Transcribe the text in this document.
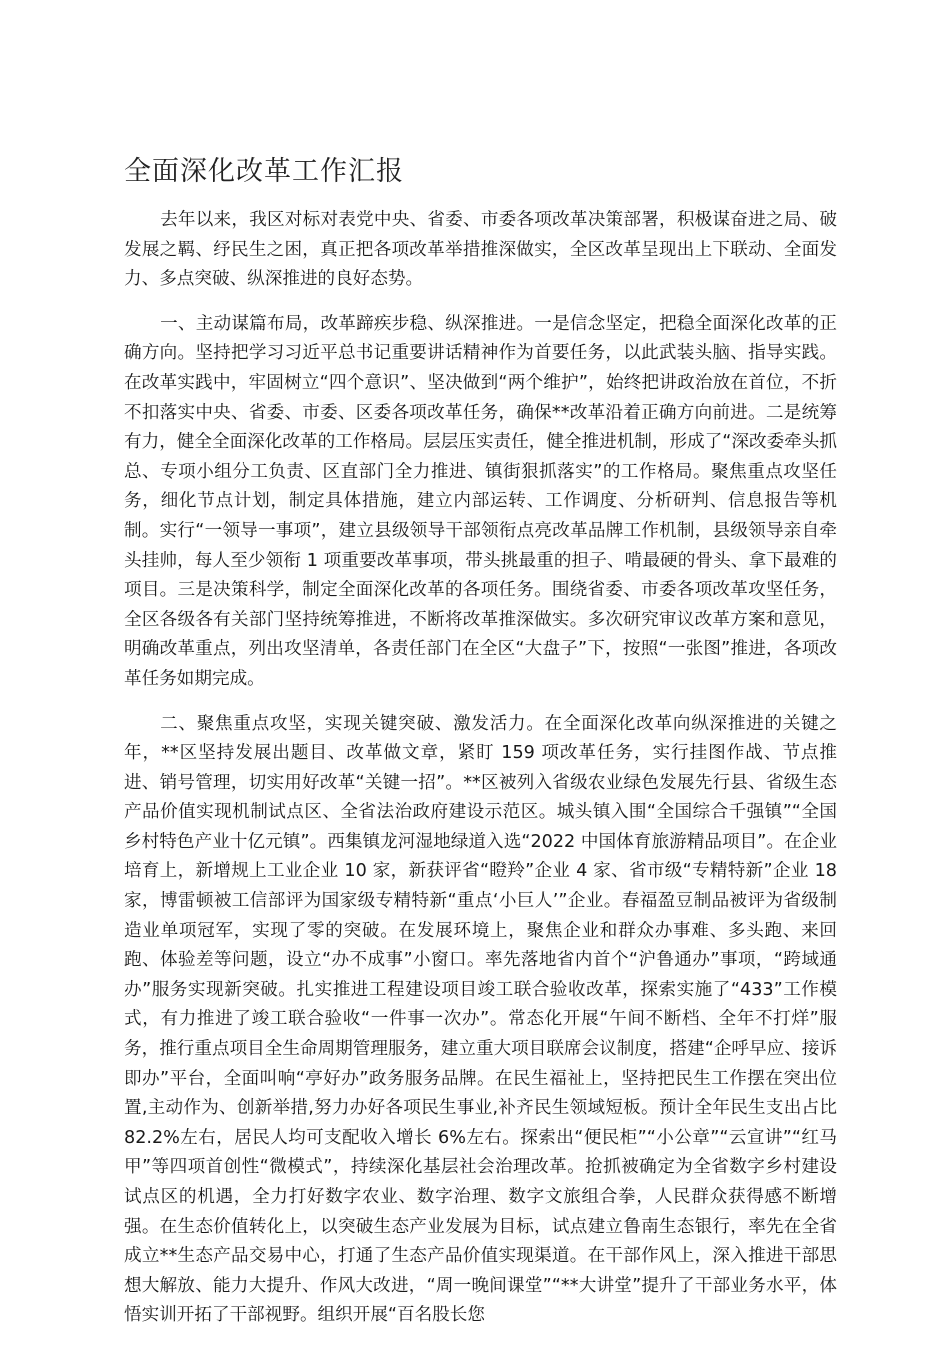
全面深化改革工作汇报

去年以来，我区对标对表党中央、省委、市委各项改革决策部署，积极谋奋进之局、破发展之羁、纾民生之困，真正把各项改革举措推深做实，全区改革呈现出上下联动、全面发力、多点突破、纵深推进的良好态势。

一、主动谋篇布局，改革蹄疾步稳、纵深推进。一是信念坚定，把稳全面深化改革的正确方向。坚持把学习习近平总书记重要讲话精神作为首要任务，以此武装头脑、指导实践。在改革实践中，牢固树立“四个意识”、坚决做到“两个维护”，始终把讲政治放在首位，不折不扣落实中央、省委、市委、区委各项改革任务，确保**改革沿着正确方向前进。二是统筹有力，健全全面深化改革的工作格局。层层压实责任，健全推进机制，形成了“深改委牵头抓总、专项小组分工负责、区直部门全力推进、镇街狠抓落实”的工作格局。聚焦重点攻坚任务，细化节点计划，制定具体措施，建立内部运转、工作调度、分析研判、信息报告等机制。实行“一领导一事项”，建立县级领导干部领衔点亮改革品牌工作机制，县级领导亲自牵头挂帅，每人至少领衔 1 项重要改革事项，带头挑最重的担子、啃最硬的骨头、拿下最难的项目。三是决策科学，制定全面深化改革的各项任务。围绕省委、市委各项改革攻坚任务，全区各级各有关部门坚持统筹推进，不断将改革推深做实。多次研究审议改革方案和意见，明确改革重点，列出攻坚清单，各责任部门在全区“大盘子”下，按照“一张图”推进，各项改革任务如期完成。

二、聚焦重点攻坚，实现关键突破、激发活力。在全面深化改革向纵深推进的关键之年，**区坚持发展出题目、改革做文章，紧盯 159 项改革任务，实行挂图作战、节点推进、销号管理，切实用好改革“关键一招”。**区被列入省级农业绿色发展先行县、省级生态产品价值实现机制试点区、全省法治政府建设示范区。城头镇入围“全国综合千强镇”“全国乡村特色产业十亿元镇”。西集镇龙河湿地绿道入选“2022 中国体育旅游精品项目”。在企业培育上，新增规上工业企业 10 家，新获评省“瞪羚”企业 4 家、省市级“专精特新”企业 18 家，博雷顿被工信部评为国家级专精特新“重点‘小巨人’”企业。春福盈豆制品被评为省级制造业单项冠军，实现了零的突破。在发展环境上，聚焦企业和群众办事难、多头跑、来回跑、体验差等问题，设立“办不成事”小窗口。率先落地省内首个“沪鲁通办”事项，“跨域通办”服务实现新突破。扎实推进工程建设项目竣工联合验收改革，探索实施了“433”工作模式，有力推进了竣工联合验收“一件事一次办”。常态化开展“午间不断档、全年不打烊”服务，推行重点项目全生命周期管理服务，建立重大项目联席会议制度，搭建“企呼早应、接诉即办”平台，全面叫响“亭好办”政务服务品牌。在民生福祉上，坚持把民生工作摆在突出位置,主动作为、创新举措,努力办好各项民生事业,补齐民生领域短板。预计全年民生支出占比82.2%左右，居民人均可支配收入增长 6%左右。探索出“便民柜”“小公章”“云宣讲”“红马甲”等四项首创性“微模式”，持续深化基层社会治理改革。抢抓被确定为全省数字乡村建设试点区的机遇，全力打好数字农业、数字治理、数字文旅组合拳，人民群众获得感不断增强。在生态价值转化上，以突破生态产业发展为目标，试点建立鲁南生态银行，率先在全省成立**生态产品交易中心，打通了生态产品价值实现渠道。在干部作风上，深入推进干部思想大解放、能力大提升、作风大改进，“周一晚间课堂”“**大讲堂”提升了干部业务水平，体悟实训开拓了干部视野。组织开展“百名股长您
